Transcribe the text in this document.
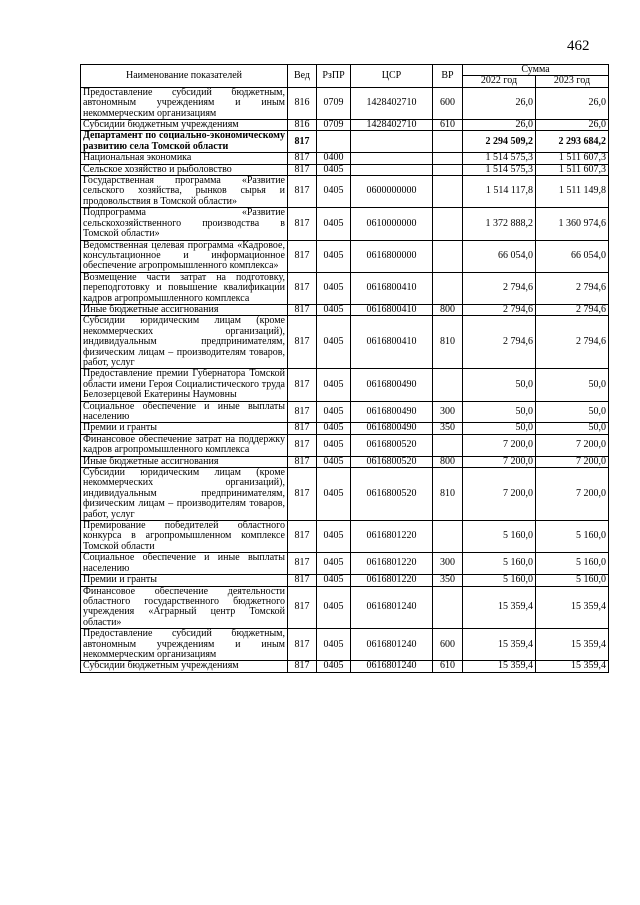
462
Наименование показателей	Вед	РзПР	ЦСР	ВР	Сумма	
					2022 год	2023 год
Предоставление субсидий бюджетным, автономным учреждениям и иным некоммерческим организациям	816	0709	1428402710	600	26,0	26,0
Субсидии бюджетным учреждениям	816	0709	1428402710	610	26,0	26,0
Департамент по социально-экономическому развитию села Томской области	817				2 294 509,2	2 293 684,2
Национальная экономика	817	0400			1 514 575,3	1 511 607,3
Сельское хозяйство и рыболовство	817	0405			1 514 575,3	1 511 607,3
Государственная программа «Развитие сельского хозяйства, рынков сырья и продовольствия в Томской области»	817	0405	0600000000		1 514 117,8	1 511 149,8
Подпрограмма «Развитие сельскохозяйственного производства в Томской области»	817	0405	0610000000		1 372 888,2	1 360 974,6
Ведомственная целевая программа «Кадровое, консультационное и информационное обеспечение агропромышленного комплекса»	817	0405	0616800000		66 054,0	66 054,0
Возмещение части затрат на подготовку, переподготовку и повышение квалификации кадров агропромышленного комплекса	817	0405	0616800410		2 794,6	2 794,6
Иные бюджетные ассигнования	817	0405	0616800410	800	2 794,6	2 794,6
Субсидии юридическим лицам (кроме некоммерческих организаций), индивидуальным предпринимателям, физическим лицам – производителям товаров, работ, услуг	817	0405	0616800410	810	2 794,6	2 794,6
Предоставление премии Губернатора Томской области имени Героя Социалистического труда Белозерцевой Екатерины Наумовны	817	0405	0616800490		50,0	50,0
Социальное обеспечение и иные выплаты населению	817	0405	0616800490	300	50,0	50,0
Премии и гранты	817	0405	0616800490	350	50,0	50,0
Финансовое обеспечение затрат на поддержку кадров агропромышленного комплекса	817	0405	0616800520		7 200,0	7 200,0
Иные бюджетные ассигнования	817	0405	0616800520	800	7 200,0	7 200,0
Субсидии юридическим лицам (кроме некоммерческих организаций), индивидуальным предпринимателям, физическим лицам – производителям товаров, работ, услуг	817	0405	0616800520	810	7 200,0	7 200,0
Премирование победителей областного конкурса в агропромышленном комплексе Томской области	817	0405	0616801220		5 160,0	5 160,0
Социальное обеспечение и иные выплаты населению	817	0405	0616801220	300	5 160,0	5 160,0
Премии и гранты	817	0405	0616801220	350	5 160,0	5 160,0
Финансовое обеспечение деятельности областного государственного бюджетного учреждения «Аграрный центр Томской области»	817	0405	0616801240		15 359,4	15 359,4
Предоставление субсидий бюджетным, автономным учреждениям и иным некоммерческим организациям	817	0405	0616801240	600	15 359,4	15 359,4
Субсидии бюджетным учреждениям	817	0405	0616801240	610	15 359,4	15 359,4
